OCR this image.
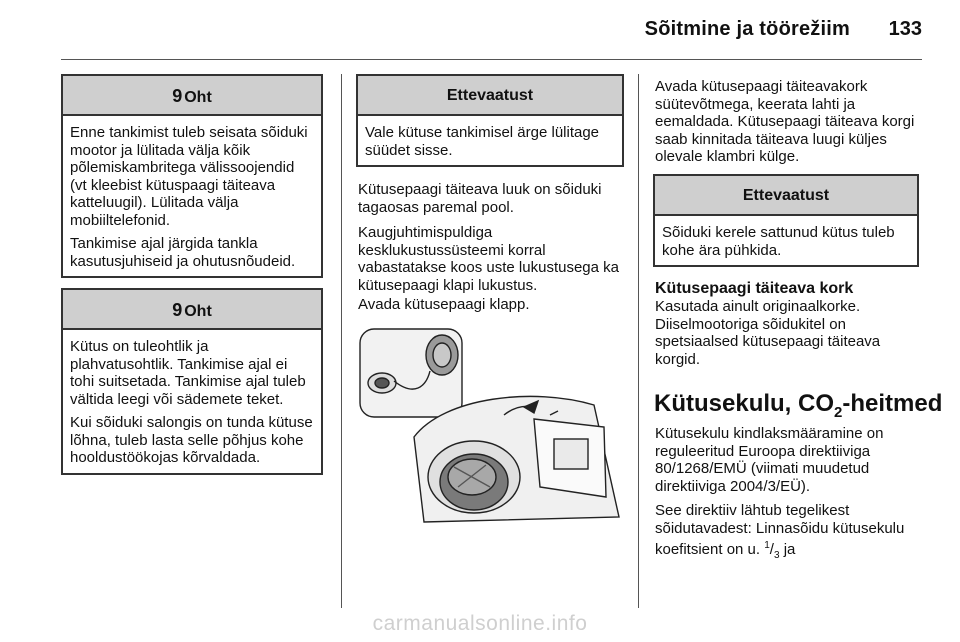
Sõitmine ja töörežiim 133
9 Oht

Enne tankimist tuleb seisata sõiduki mootor ja lülitada välja kõik põlemiskambritega välissoojendid (vt kleebist kütuspaagi täiteava katteluugil). Lülitada välja mobiiltelefonid.

Tankimise ajal järgida tankla kasutusjuhiseid ja ohutusnõudeid.

9 Oht

Kütus on tuleohtlik ja plahvatusohtlik. Tankimise ajal ei tohi suitsetada. Tankimise ajal tuleb vältida leegi või sädemete teket.

Kui sõiduki salongis on tunda kütuse lõhna, tuleb lasta selle põhjus kohe hooldustöökojas kõrvaldada.

Ettevaatust

Vale kütuse tankimisel ärge lülitage süüdet sisse.

Kütusepaagi täiteava luuk on sõiduki tagaosas paremal pool.

Kaugjuhtimispuldiga kesklukustussüsteemi korral vabastatakse koos uste lukustusega ka kütusepaagi klapi lukustus.

Avada kütusepaagi klapp.

Avada kütusepaagi täiteavakork süütevõtmega, keerata lahti ja eemaldada. Kütusepaagi täiteava korgi saab kinnitada täiteava luugi küljes olevale klambri külge.

Ettevaatust

Sõiduki kerele sattunud kütus tuleb kohe ära pühkida.

Kütusepaagi täiteava kork

Kasutada ainult originaalkorke. Diiselmootoriga sõidukitel on spetsiaalsed kütusepaagi täiteava korgid.

Kütusekulu, $CO_2$-heitmed

Kütusekulu kindlaksmääramine on reguleeritud Euroopa direktiiviga 80/1268/EMÜ (viimati muudetud direktiiviga 2004/3/EÜ).

See direktiiv lähtub tegelikest sõidutavadest: Linnasõidu kütusekulu koefitsient on u. $^1/_3$ ja

carmanualsonline.info
